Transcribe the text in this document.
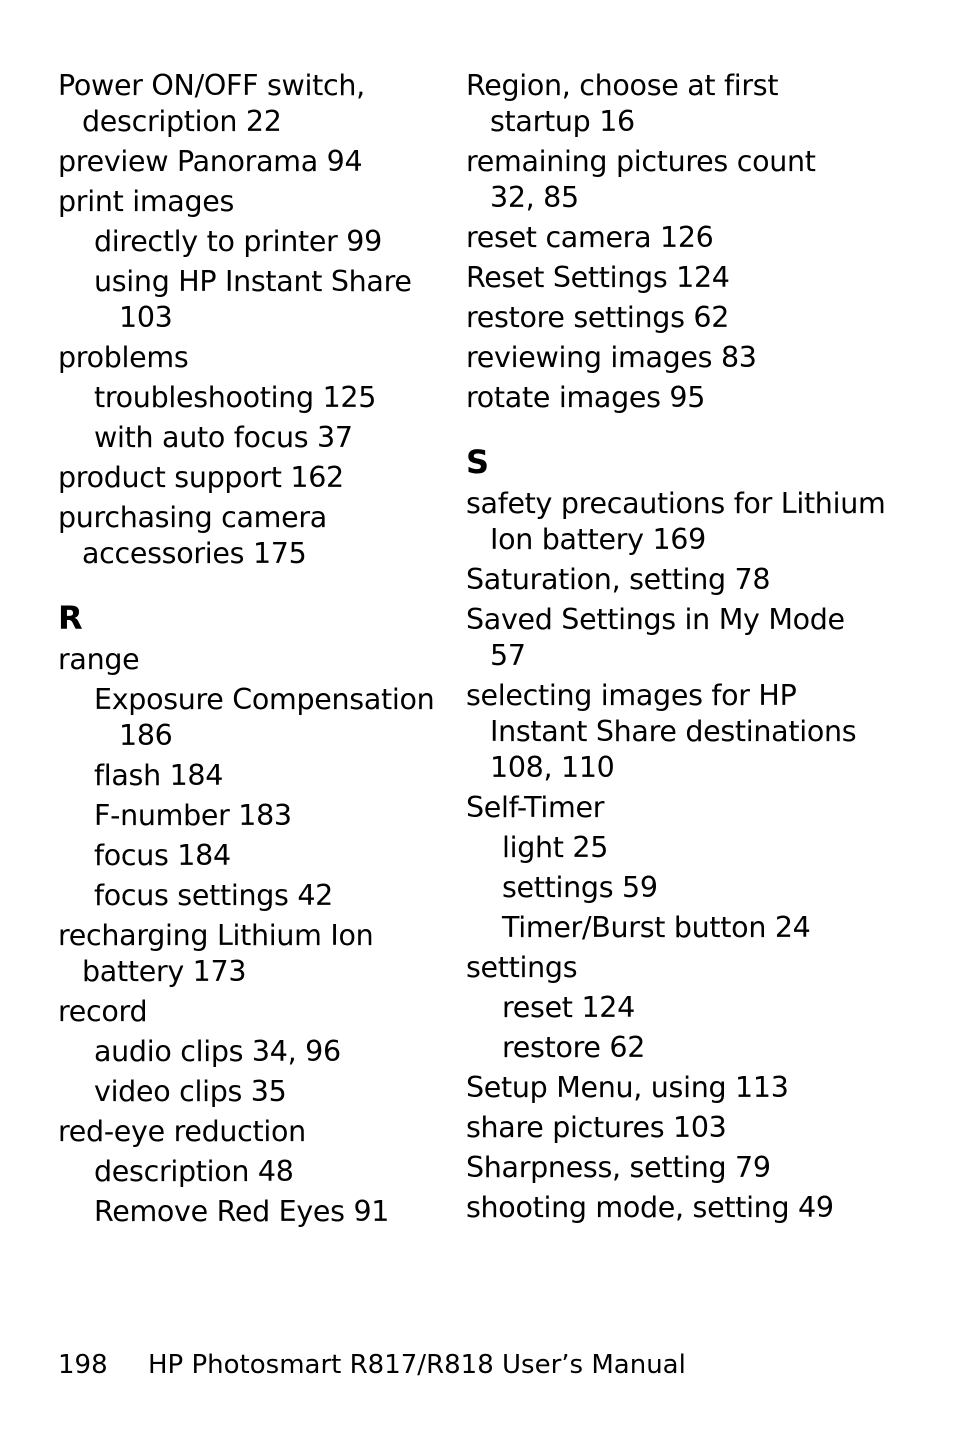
Power ON/OFF switch,
description 22
preview Panorama 94
print images
directly to printer 99
using HP Instant Share
103
problems
troubleshooting 125
with auto focus 37
product support 162
purchasing camera
accessories 175
R
range
Exposure Compensation
186
flash 184
F-number 183
focus 184
focus settings 42
recharging Lithium Ion
battery 173
record
audio clips 34, 96
video clips 35
red-eye reduction
description 48
Remove Red Eyes 91
Region, choose at first
startup 16
remaining pictures count
32, 85
reset camera 126
Reset Settings 124
restore settings 62
reviewing images 83
rotate images 95
S
safety precautions for Lithium
Ion battery 169
Saturation, setting 78
Saved Settings in My Mode
57
selecting images for HP
Instant Share destinations
108, 110
Self-Timer
light 25
settings 59
Timer/Burst button 24
settings
reset 124
restore 62
Setup Menu, using 113
share pictures 103
Sharpness, setting 79
shooting mode, setting 49
198 HP Photosmart R817/R818 User’s Manual
